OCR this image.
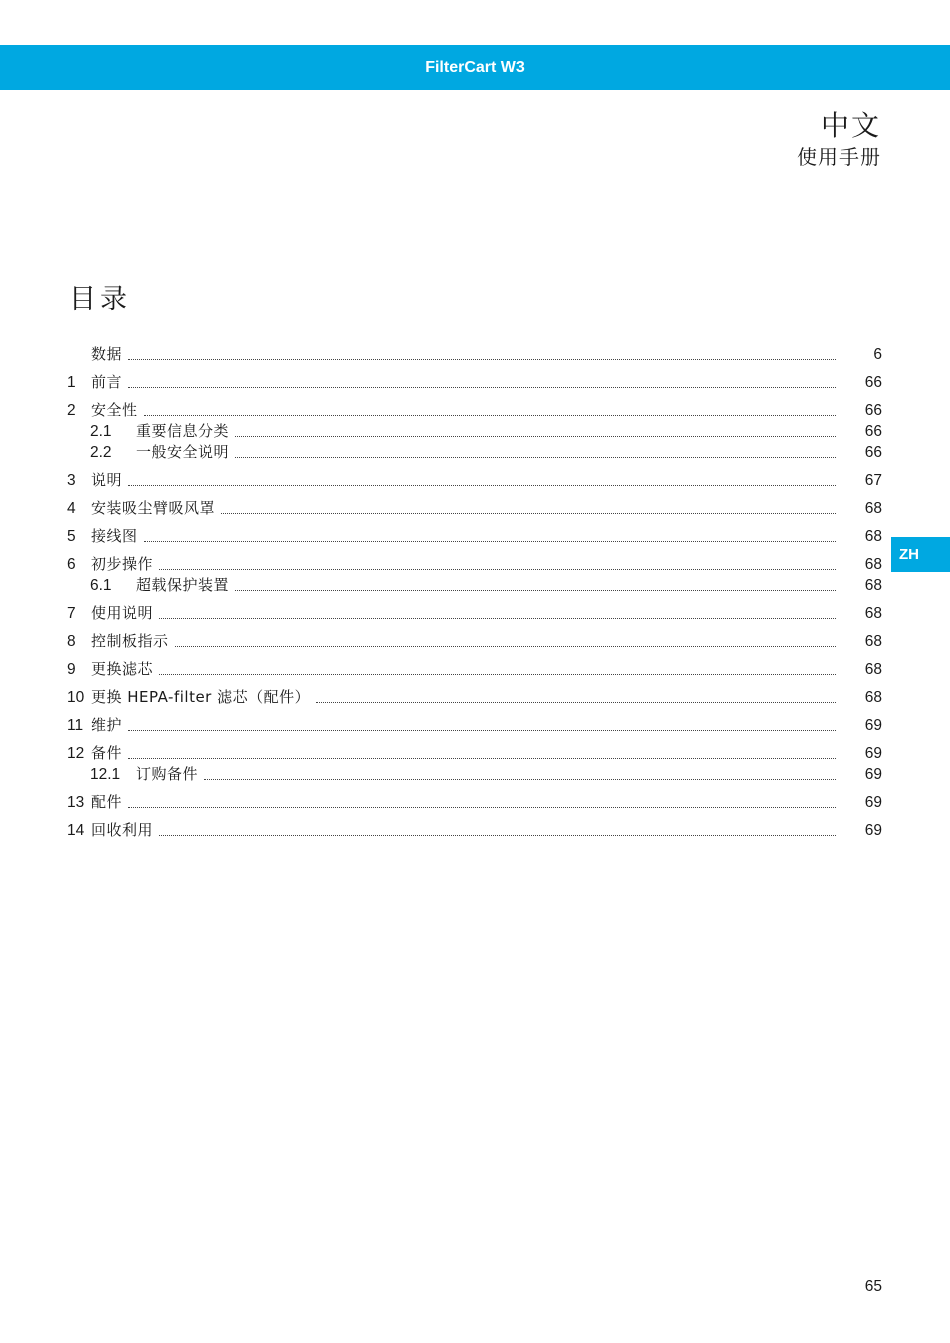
FilterCart W3
中文
使用手册
目录
数据	6
1	前言	66
2	安全性	66
2.1	重要信息分类	66
2.2	一般安全说明	66
3	说明	67
4	安装吸尘臂吸风罩	68
5	接线图	68
6	初步操作	68
6.1	超载保护装置	68
7	使用说明	68
8	控制板指示	68
9	更换滤芯	68
10 更换 HEPA-filter 滤芯（配件）	68
11 维护	69
12 备件	69
12.1	订购备件	69
13 配件	69
14 回收利用	69
ZH
65
